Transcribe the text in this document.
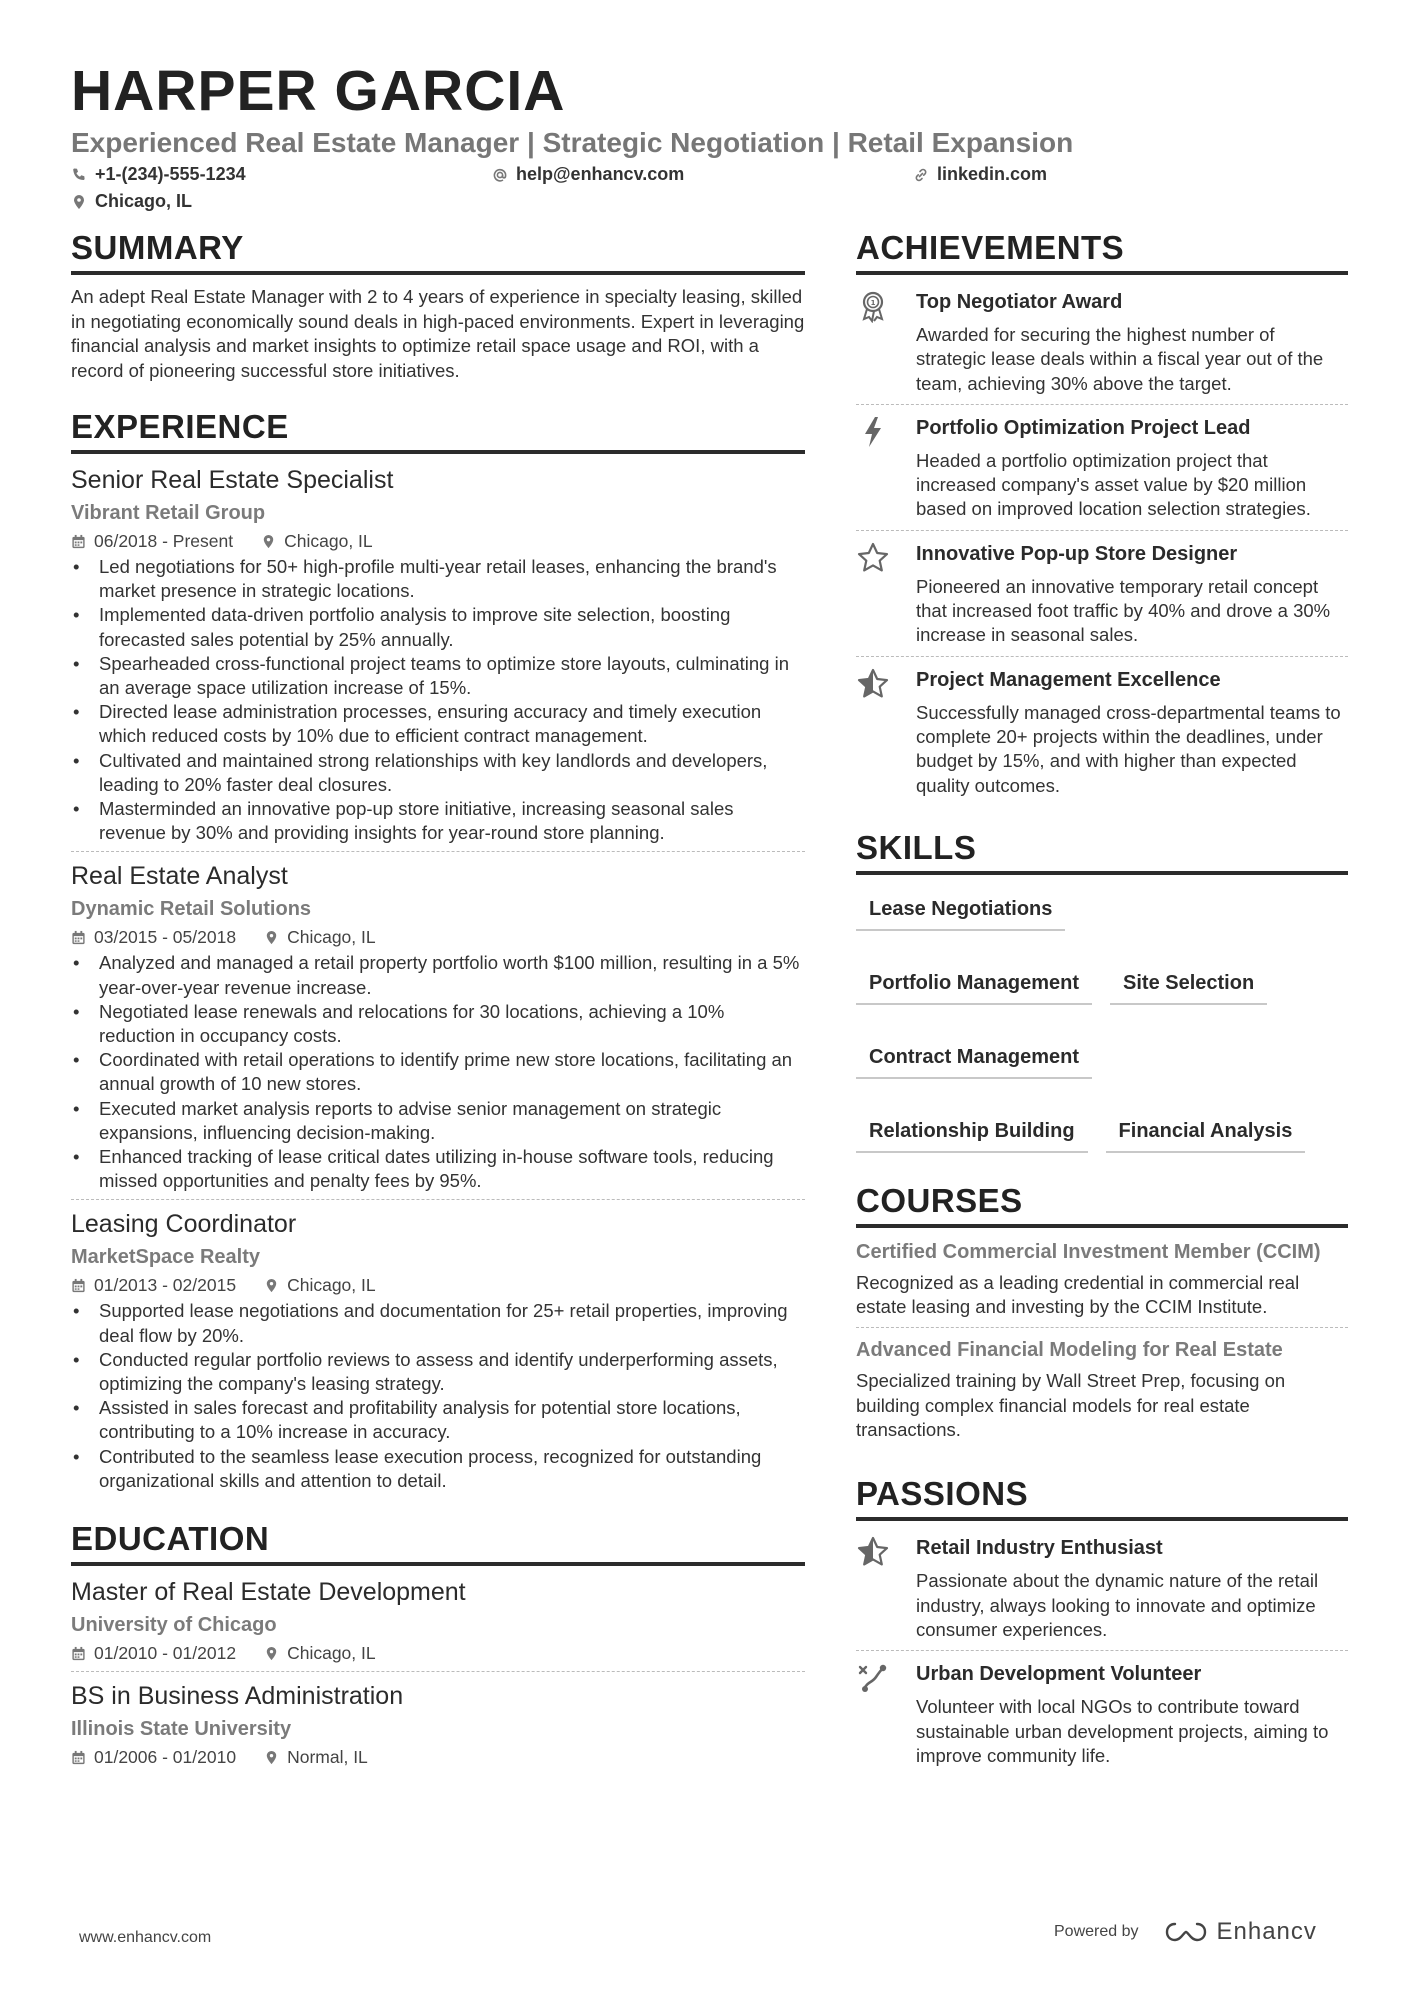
HARPER GARCIA
Experienced Real Estate Manager | Strategic Negotiation | Retail Expansion
+1-(234)-555-1234	help@enhancv.com	linkedin.com
Chicago, IL
SUMMARY
An adept Real Estate Manager with 2 to 4 years of experience in specialty leasing, skilled in negotiating economically sound deals in high-paced environments. Expert in leveraging financial analysis and market insights to optimize retail space usage and ROI, with a record of pioneering successful store initiatives.
EXPERIENCE
Senior Real Estate Specialist
Vibrant Retail Group
06/2018 - Present	Chicago, IL
• Led negotiations for 50+ high-profile multi-year retail leases, enhancing the brand's market presence in strategic locations.
• Implemented data-driven portfolio analysis to improve site selection, boosting forecasted sales potential by 25% annually.
• Spearheaded cross-functional project teams to optimize store layouts, culminating in an average space utilization increase of 15%.
• Directed lease administration processes, ensuring accuracy and timely execution which reduced costs by 10% due to efficient contract management.
• Cultivated and maintained strong relationships with key landlords and developers, leading to 20% faster deal closures.
• Masterminded an innovative pop-up store initiative, increasing seasonal sales revenue by 30% and providing insights for year-round store planning.
Real Estate Analyst
Dynamic Retail Solutions
03/2015 - 05/2018	Chicago, IL
• Analyzed and managed a retail property portfolio worth $100 million, resulting in a 5% year-over-year revenue increase.
• Negotiated lease renewals and relocations for 30 locations, achieving a 10% reduction in occupancy costs.
• Coordinated with retail operations to identify prime new store locations, facilitating an annual growth of 10 new stores.
• Executed market analysis reports to advise senior management on strategic expansions, influencing decision-making.
• Enhanced tracking of lease critical dates utilizing in-house software tools, reducing missed opportunities and penalty fees by 95%.
Leasing Coordinator
MarketSpace Realty
01/2013 - 02/2015	Chicago, IL
• Supported lease negotiations and documentation for 25+ retail properties, improving deal flow by 20%.
• Conducted regular portfolio reviews to assess and identify underperforming assets, optimizing the company's leasing strategy.
• Assisted in sales forecast and profitability analysis for potential store locations, contributing to a 10% increase in accuracy.
• Contributed to the seamless lease execution process, recognized for outstanding organizational skills and attention to detail.
EDUCATION
Master of Real Estate Development
University of Chicago
01/2010 - 01/2012	Chicago, IL
BS in Business Administration
Illinois State University
01/2006 - 01/2010	Normal, IL
ACHIEVEMENTS
1 Top Negotiator Award
Awarded for securing the highest number of strategic lease deals within a fiscal year out of the team, achieving 30% above the target.
Portfolio Optimization Project Lead
Headed a portfolio optimization project that increased company's asset value by $20 million based on improved location selection strategies.
Innovative Pop-up Store Designer
Pioneered an innovative temporary retail concept that increased foot traffic by 40% and drove a 30% increase in seasonal sales.
Project Management Excellence
Successfully managed cross-departmental teams to complete 20+ projects within the deadlines, under budget by 15%, and with higher than expected quality outcomes.
SKILLS
Lease Negotiations
Portfolio Management	Site Selection
Contract Management
Relationship Building	Financial Analysis
COURSES
Certified Commercial Investment Member (CCIM)
Recognized as a leading credential in commercial real estate leasing and investing by the CCIM Institute.
Advanced Financial Modeling for Real Estate
Specialized training by Wall Street Prep, focusing on building complex financial models for real estate transactions.
PASSIONS
Retail Industry Enthusiast
Passionate about the dynamic nature of the retail industry, always looking to innovate and optimize consumer experiences.
Urban Development Volunteer
Volunteer with local NGOs to contribute toward sustainable urban development projects, aiming to improve community life.
www.enhancv.com	Powered by	Enhancv
